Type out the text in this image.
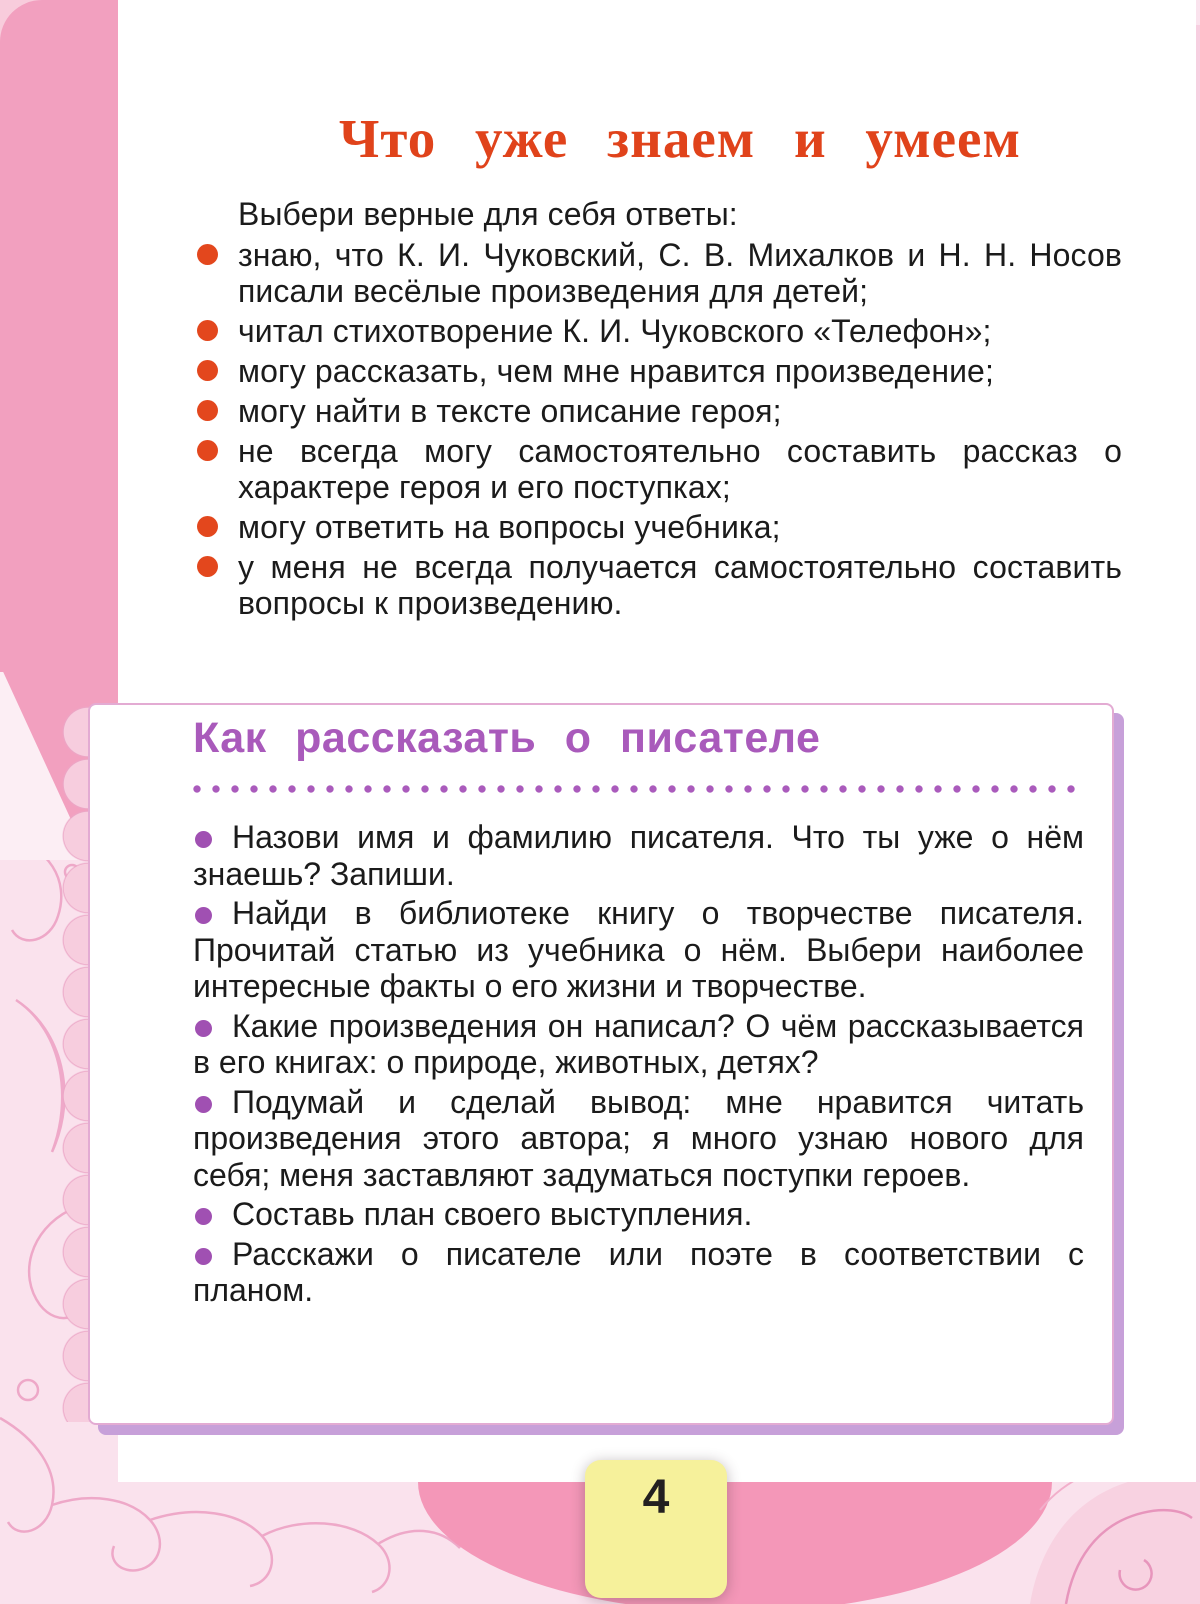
Что уже знаем и умеем

Выбери верные для себя ответы:

знаю, что К. И. Чуковский, С. В. Михалков и Н. Н. Носов писали весёлые произведения для детей;
читал стихотворение К. И. Чуковского «Телефон»;
могу рассказать, чем мне нравится произведение;
могу найти в тексте описание героя;
не всегда могу самостоятельно составить рассказ о характере героя и его поступках;
могу ответить на вопросы учебника;
у меня не всегда получается самостоятельно составить вопросы к произведению.
Как рассказать о писателе
Назови имя и фамилию писателя. Что ты уже о нём знаешь? Запиши.
Найди в библиотеке книгу о творчестве писателя. Прочитай статью из учебника о нём. Выбери наиболее интересные факты о его жизни и творчестве.
Какие произведения он написал? О чём рассказывается в его книгах: о природе, животных, детях?
Подумай и сделай вывод: мне нравится читать произведения этого автора; я много узнаю нового для себя; меня заставляют задуматься поступки героев.
Составь план своего выступления.
Расскажи о писателе или поэте в соответствии с планом.
4
